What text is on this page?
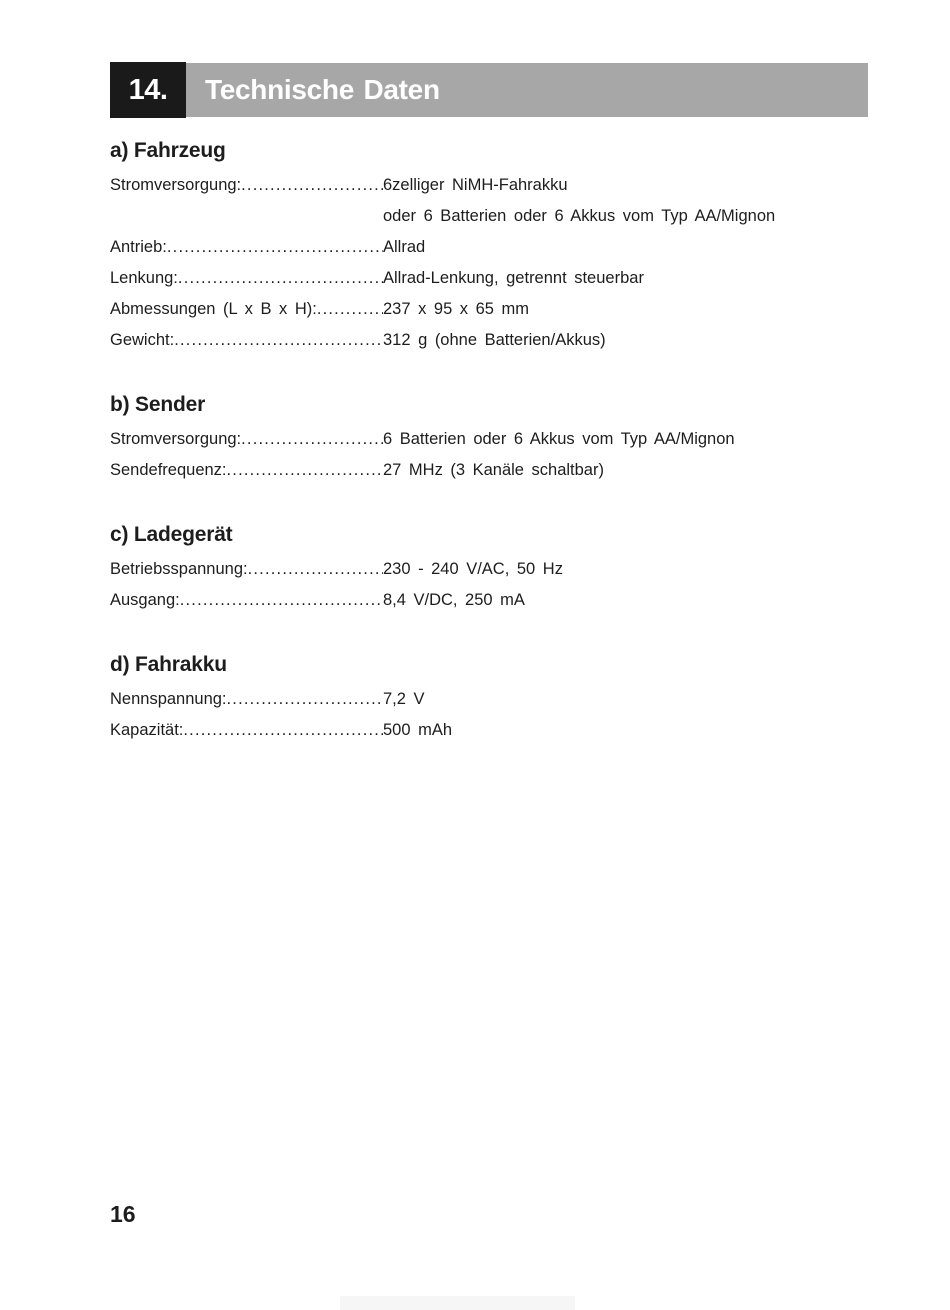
14.	Technische Daten
a) Fahrzeug
Stromversorgung: .....	6zelliger NiMH-Fahrakku
oder 6 Batterien oder 6 Akkus vom Typ AA/Mignon
Antrieb: .....	Allrad
Lenkung: .....	Allrad-Lenkung, getrennt steuerbar
Abmessungen (L x B x H): .....	237 x 95 x 65 mm
Gewicht: .....	312 g (ohne Batterien/Akkus)
b) Sender
Stromversorgung: .....	6 Batterien oder 6 Akkus vom Typ AA/Mignon
Sendefrequenz: .....	27 MHz (3 Kanäle schaltbar)
c) Ladegerät
Betriebsspannung: .....	230 - 240 V/AC, 50 Hz
Ausgang: .....	8,4 V/DC, 250 mA
d) Fahrakku
Nennspannung: .....	7,2 V
Kapazität: .....	500 mAh
16
